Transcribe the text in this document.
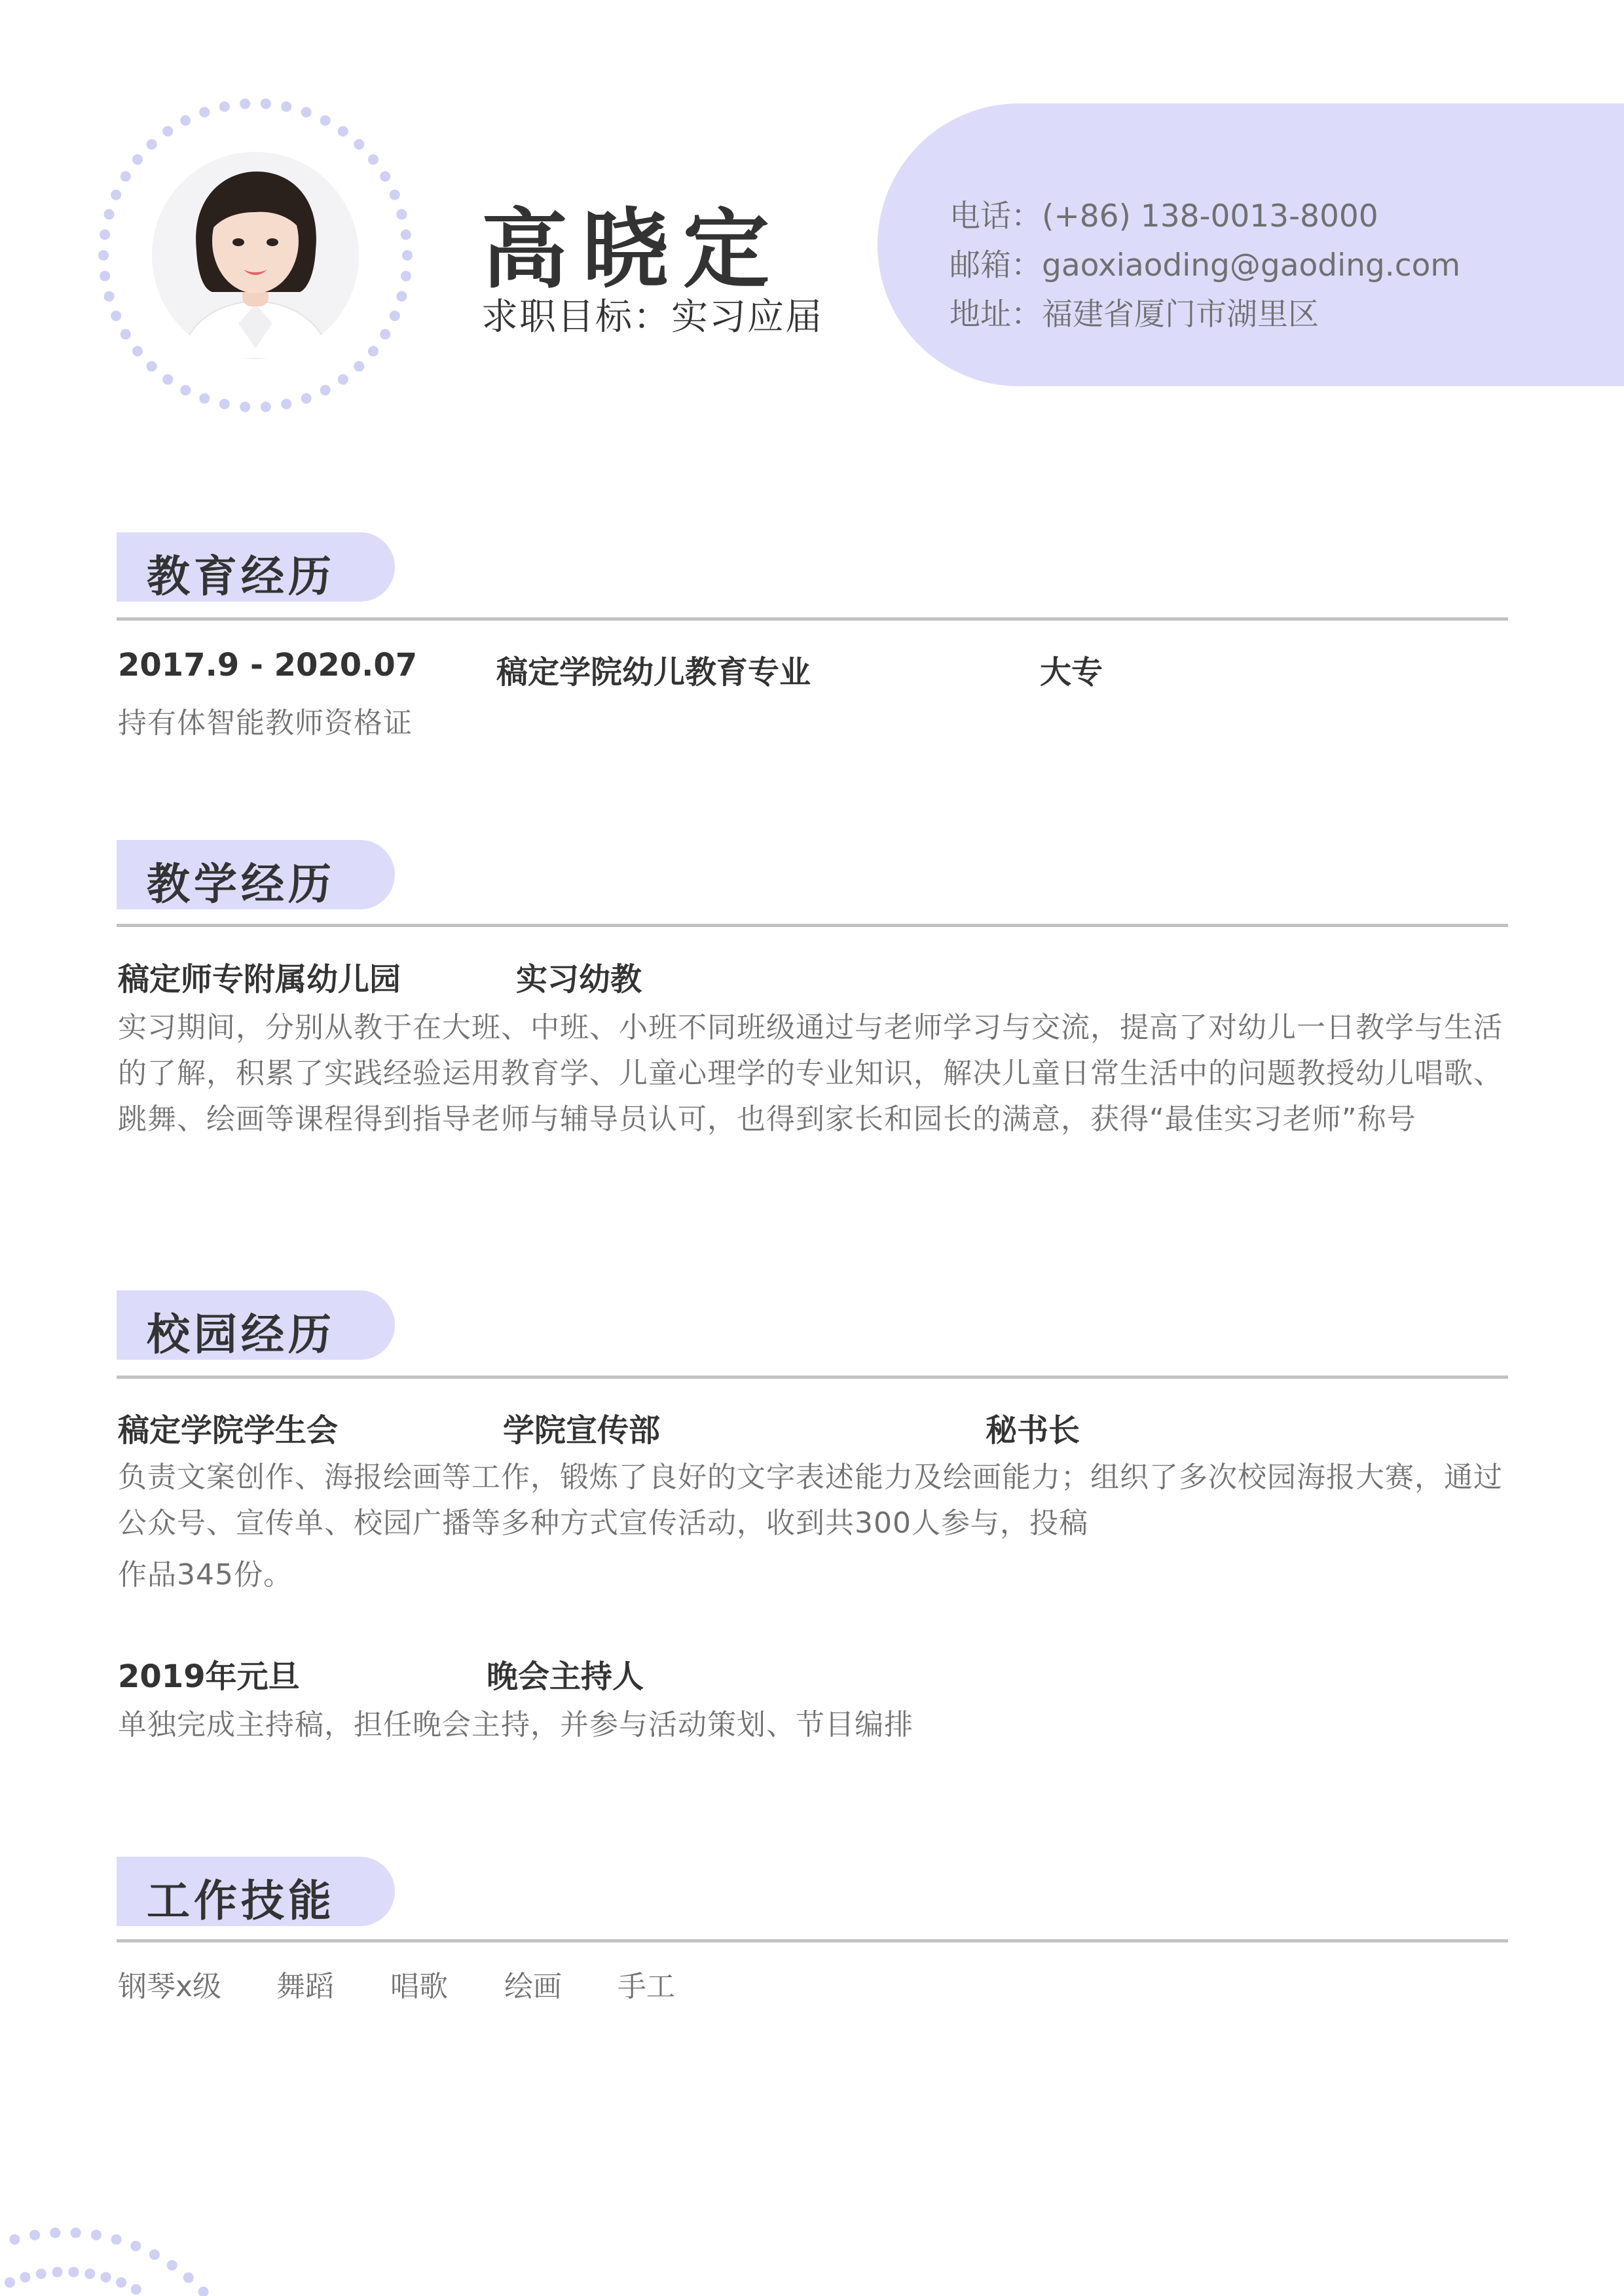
电话：(+86) 138-0013-8000
邮箱：gaoxiaoding@gaoding.com
地址：福建省厦门市湖里区
高晓定
求职目标：实习应届
教育经历
2017.9 - 2020.07	稿定学院幼儿教育专业	大专
持有体智能教师资格证
教学经历
稿定师专附属幼儿园	实习幼教
实习期间，分别从教于在大班、中班、小班不同班级通过与老师学习与交流，提高了对幼儿一日教学与生活的了解，积累了实践经验运用教育学、儿童心理学的专业知识，解决儿童日常生活中的问题教授幼儿唱歌、跳舞、绘画等课程得到指导老师与辅导员认可，也得到家长和园长的满意，获得“最佳实习老师”称号
校园经历
稿定学院学生会	学院宣传部	秘书长
负责文案创作、海报绘画等工作，锻炼了良好的文字表述能力及绘画能力；组织了多次校园海报大赛，通过公众号、宣传单、校园广播等多种方式宣传活动，收到共300人参与，投稿
作品345份。
2019年元旦	晚会主持人
单独完成主持稿，担任晚会主持，并参与活动策划、节目编排
工作技能
钢琴x级 舞蹈 唱歌 绘画 手工
